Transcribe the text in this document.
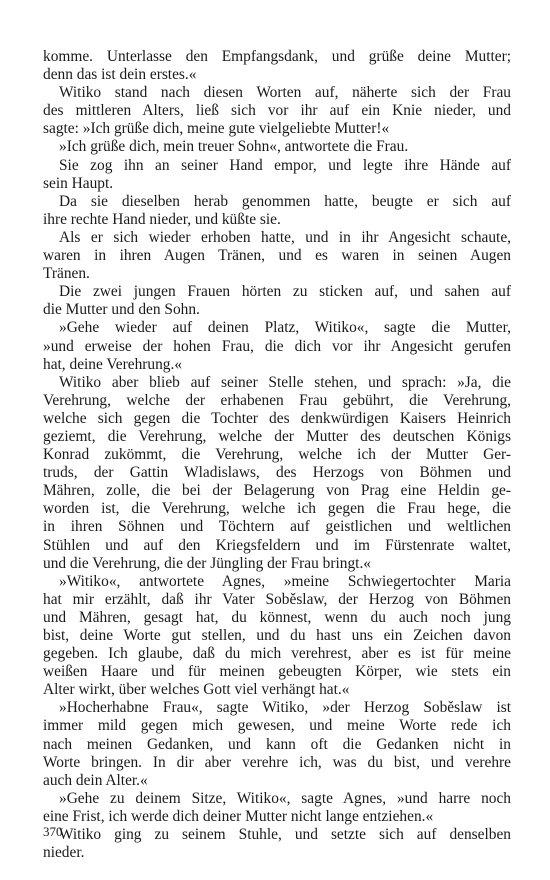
komme. Unterlasse den Empfangsdank, und grüße deine Mutter;
denn das ist dein erstes.«
Witiko stand nach diesen Worten auf, näherte sich der Frau
des mittleren Alters, ließ sich vor ihr auf ein Knie nieder, und
sagte: »Ich grüße dich, meine gute vielgeliebte Mutter!«
»Ich grüße dich, mein treuer Sohn«, antwortete die Frau.
Sie zog ihn an seiner Hand empor, und legte ihre Hände auf
sein Haupt.
Da sie dieselben herab genommen hatte, beugte er sich auf
ihre rechte Hand nieder, und küßte sie.
Als er sich wieder erhoben hatte, und in ihr Angesicht schaute,
waren in ihren Augen Tränen, und es waren in seinen Augen
Tränen.
Die zwei jungen Frauen hörten zu sticken auf, und sahen auf
die Mutter und den Sohn.
»Gehe wieder auf deinen Platz, Witiko«, sagte die Mutter,
»und erweise der hohen Frau, die dich vor ihr Angesicht gerufen
hat, deine Verehrung.«
Witiko aber blieb auf seiner Stelle stehen, und sprach: »Ja, die
Verehrung, welche der erhabenen Frau gebührt, die Verehrung,
welche sich gegen die Tochter des denkwürdigen Kaisers Heinrich
geziemt, die Verehrung, welche der Mutter des deutschen Königs
Konrad zukömmt, die Verehrung, welche ich der Mutter Ger-
truds, der Gattin Wladislaws, des Herzogs von Böhmen und
Mähren, zolle, die bei der Belagerung von Prag eine Heldin ge-
worden ist, die Verehrung, welche ich gegen die Frau hege, die
in ihren Söhnen und Töchtern auf geistlichen und weltlichen
Stühlen und auf den Kriegsfeldern und im Fürstenrate waltet,
und die Verehrung, die der Jüngling der Frau bringt.«
»Witiko«, antwortete Agnes, »meine Schwiegertochter Maria
hat mir erzählt, daß ihr Vater Soběslaw, der Herzog von Böhmen
und Mähren, gesagt hat, du könnest, wenn du auch noch jung
bist, deine Worte gut stellen, und du hast uns ein Zeichen davon
gegeben. Ich glaube, daß du mich verehrest, aber es ist für meine
weißen Haare und für meinen gebeugten Körper, wie stets ein
Alter wirkt, über welches Gott viel verhängt hat.«
»Hocherhabne Frau«, sagte Witiko, »der Herzog Soběslaw ist
immer mild gegen mich gewesen, und meine Worte rede ich
nach meinen Gedanken, und kann oft die Gedanken nicht in
Worte bringen. In dir aber verehre ich, was du bist, und verehre
auch dein Alter.«
»Gehe zu deinem Sitze, Witiko«, sagte Agnes, »und harre noch
eine Frist, ich werde dich deiner Mutter nicht lange entziehen.«
Witiko ging zu seinem Stuhle, und setzte sich auf denselben
nieder.
370
